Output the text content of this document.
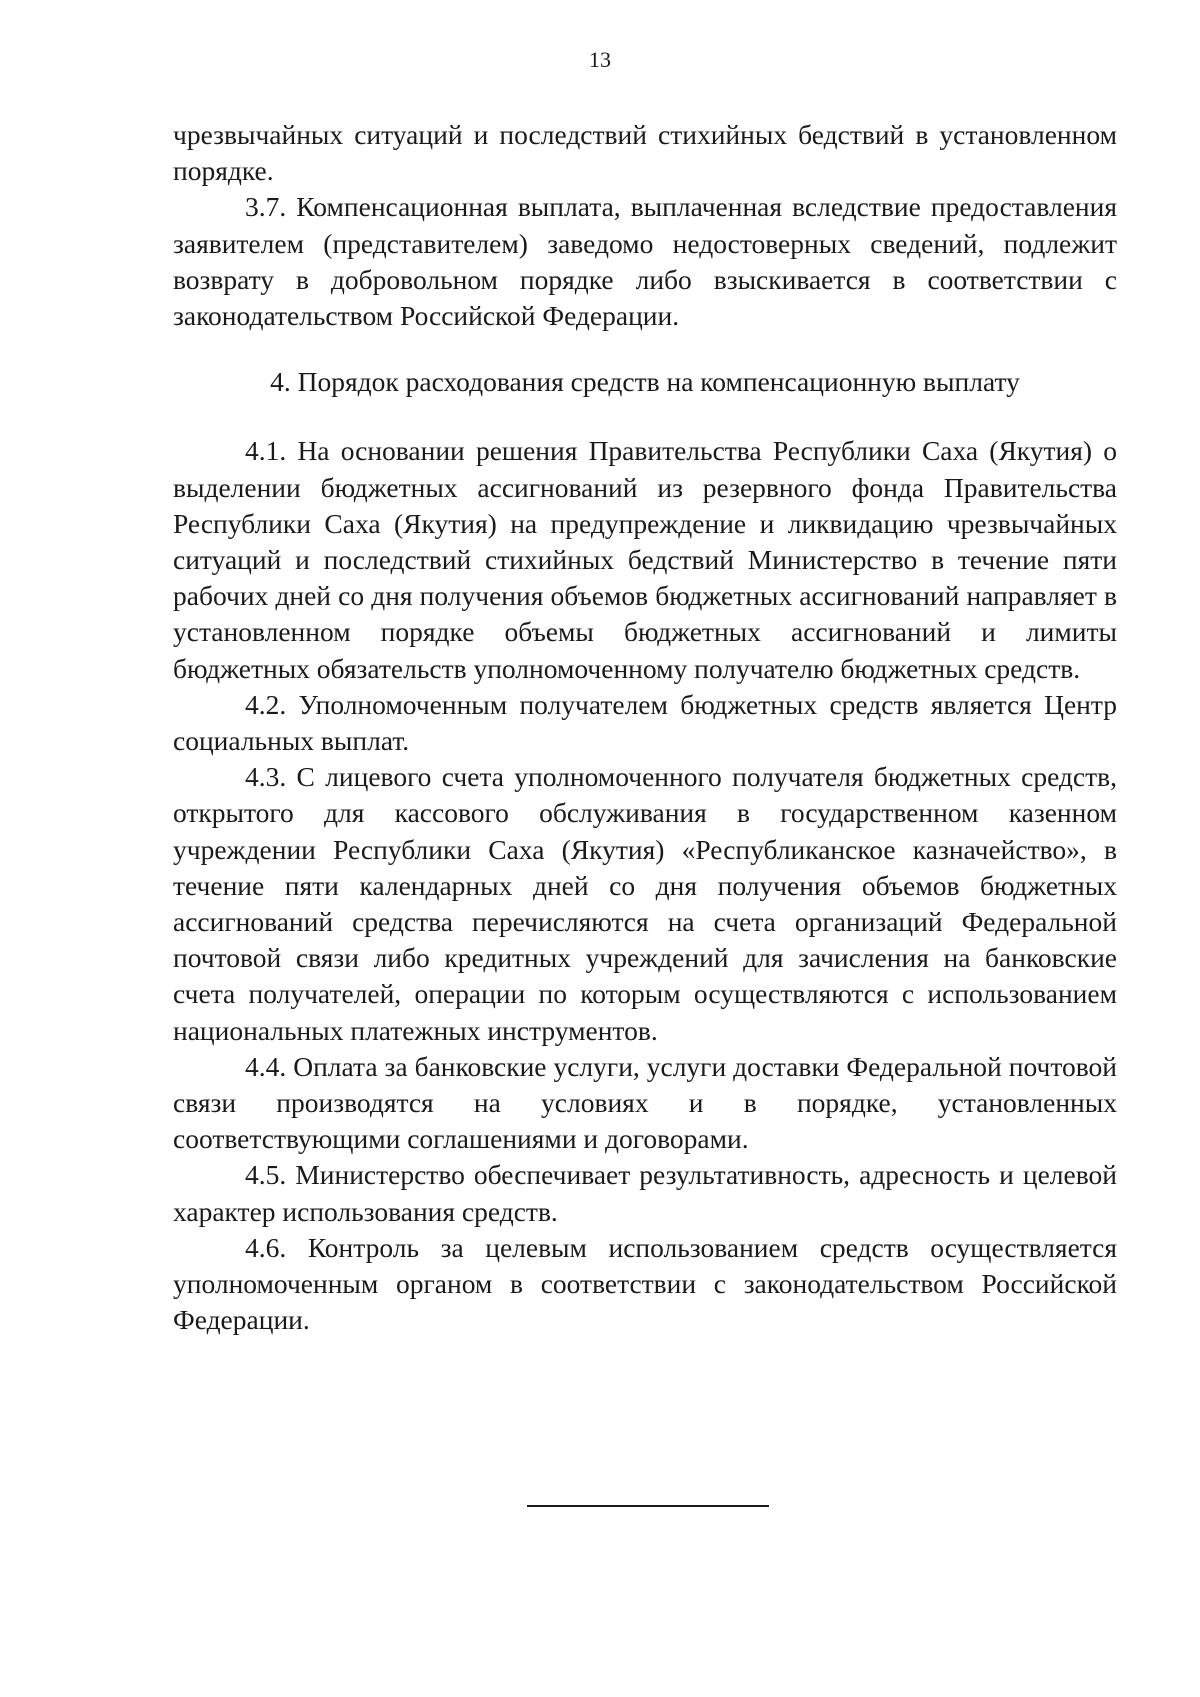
13

чрезвычайных ситуаций и последствий стихийных бедствий в установленном порядке.

3.7. Компенсационная выплата, выплаченная вследствие предоставления заявителем (представителем) заведомо недостоверных сведений, подлежит возврату в добровольном порядке либо взыскивается в соответствии с законодательством Российской Федерации.

4. Порядок расходования средств на компенсационную выплату

4.1. На основании решения Правительства Республики Саха (Якутия) о выделении бюджетных ассигнований из резервного фонда Правительства Республики Саха (Якутия) на предупреждение и ликвидацию чрезвычайных ситуаций и последствий стихийных бедствий Министерство в течение пяти рабочих дней со дня получения объемов бюджетных ассигнований направляет в установленном порядке объемы бюджетных ассигнований и лимиты бюджетных обязательств уполномоченному получателю бюджетных средств.

4.2. Уполномоченным получателем бюджетных средств является Центр социальных выплат.

4.3. С лицевого счета уполномоченного получателя бюджетных средств, открытого для кассового обслуживания в государственном казенном учреждении Республики Саха (Якутия) «Республиканское казначейство», в течение пяти календарных дней со дня получения объемов бюджетных ассигнований средства перечисляются на счета организаций Федеральной почтовой связи либо кредитных учреждений для зачисления на банковские счета получателей, операции по которым осуществляются с использованием национальных платежных инструментов.

4.4. Оплата за банковские услуги, услуги доставки Федеральной почтовой связи производятся на условиях и в порядке, установленных соответствующими соглашениями и договорами.

4.5. Министерство обеспечивает результативность, адресность и целевой характер использования средств.

4.6. Контроль за целевым использованием средств осуществляется уполномоченным органом в соответствии с законодательством Российской Федерации.
